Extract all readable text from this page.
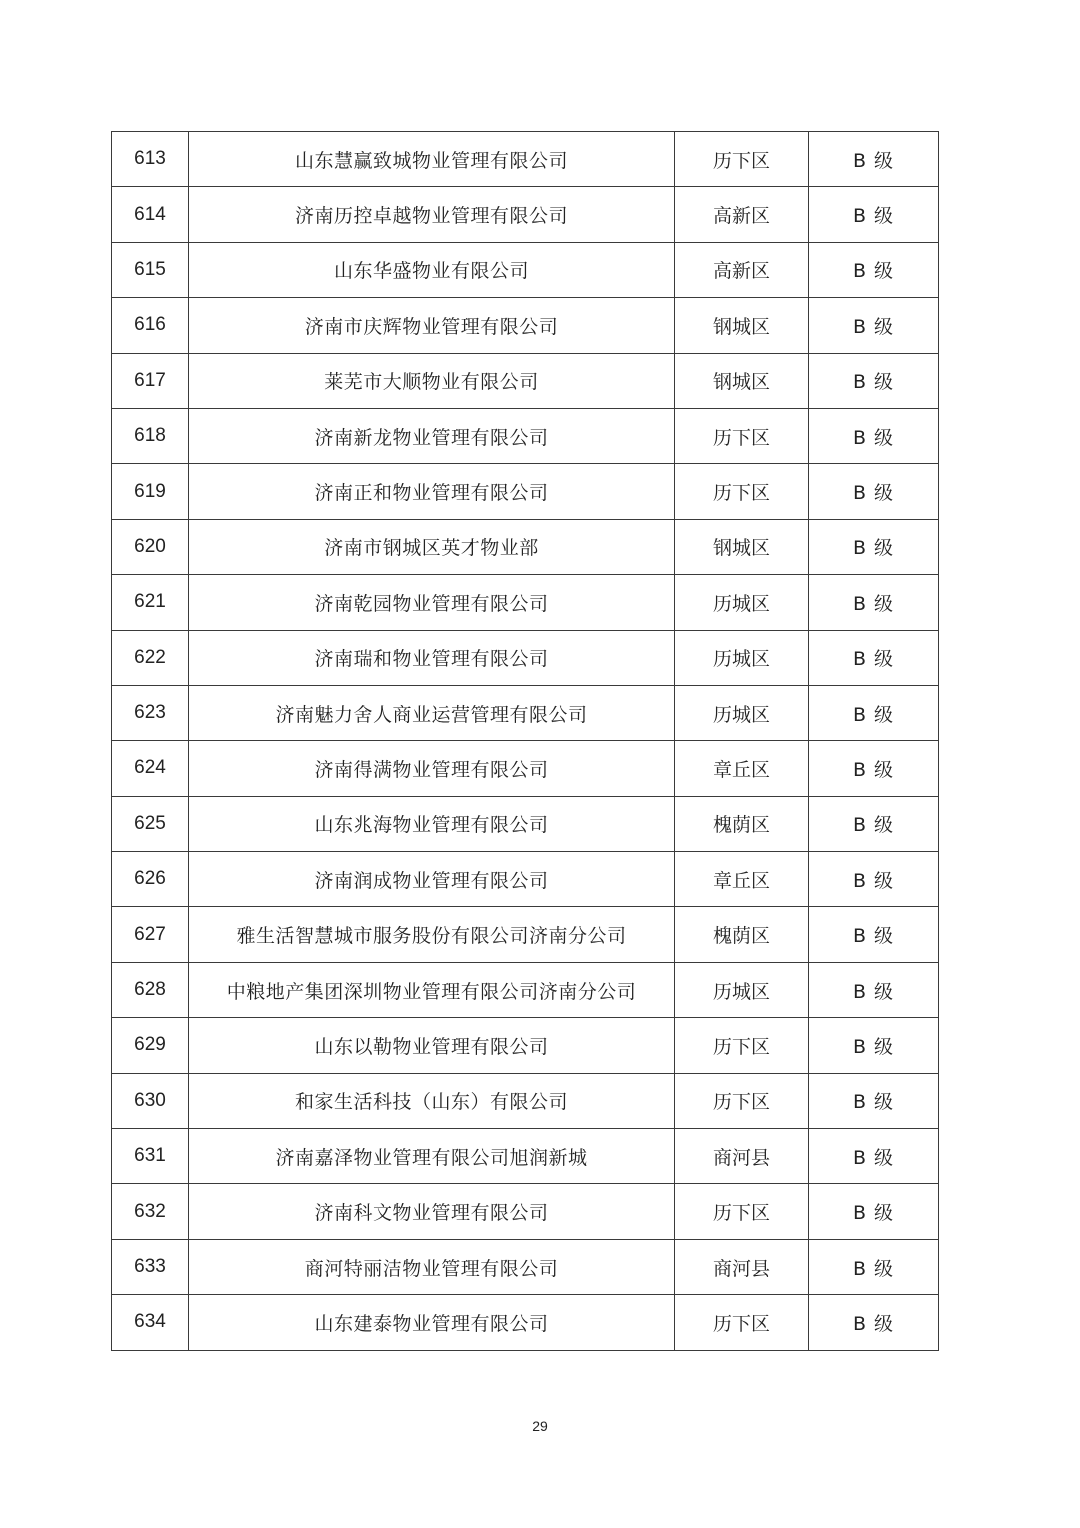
613	山东慧赢致城物业管理有限公司	历下区	B 级
614	济南历控卓越物业管理有限公司	高新区	B 级
615	山东华盛物业有限公司	高新区	B 级
616	济南市庆辉物业管理有限公司	钢城区	B 级
617	莱芜市大顺物业有限公司	钢城区	B 级
618	济南新龙物业管理有限公司	历下区	B 级
619	济南正和物业管理有限公司	历下区	B 级
620	济南市钢城区英才物业部	钢城区	B 级
621	济南乾园物业管理有限公司	历城区	B 级
622	济南瑞和物业管理有限公司	历城区	B 级
623	济南魅力舍人商业运营管理有限公司	历城区	B 级
624	济南得满物业管理有限公司	章丘区	B 级
625	山东兆海物业管理有限公司	槐荫区	B 级
626	济南润成物业管理有限公司	章丘区	B 级
627	雅生活智慧城市服务股份有限公司济南分公司	槐荫区	B 级
628	中粮地产集团深圳物业管理有限公司济南分公司	历城区	B 级
629	山东以勒物业管理有限公司	历下区	B 级
630	和家生活科技（山东）有限公司	历下区	B 级
631	济南嘉泽物业管理有限公司旭润新城	商河县	B 级
632	济南科文物业管理有限公司	历下区	B 级
633	商河特丽洁物业管理有限公司	商河县	B 级
634	山东建泰物业管理有限公司	历下区	B 级
29
